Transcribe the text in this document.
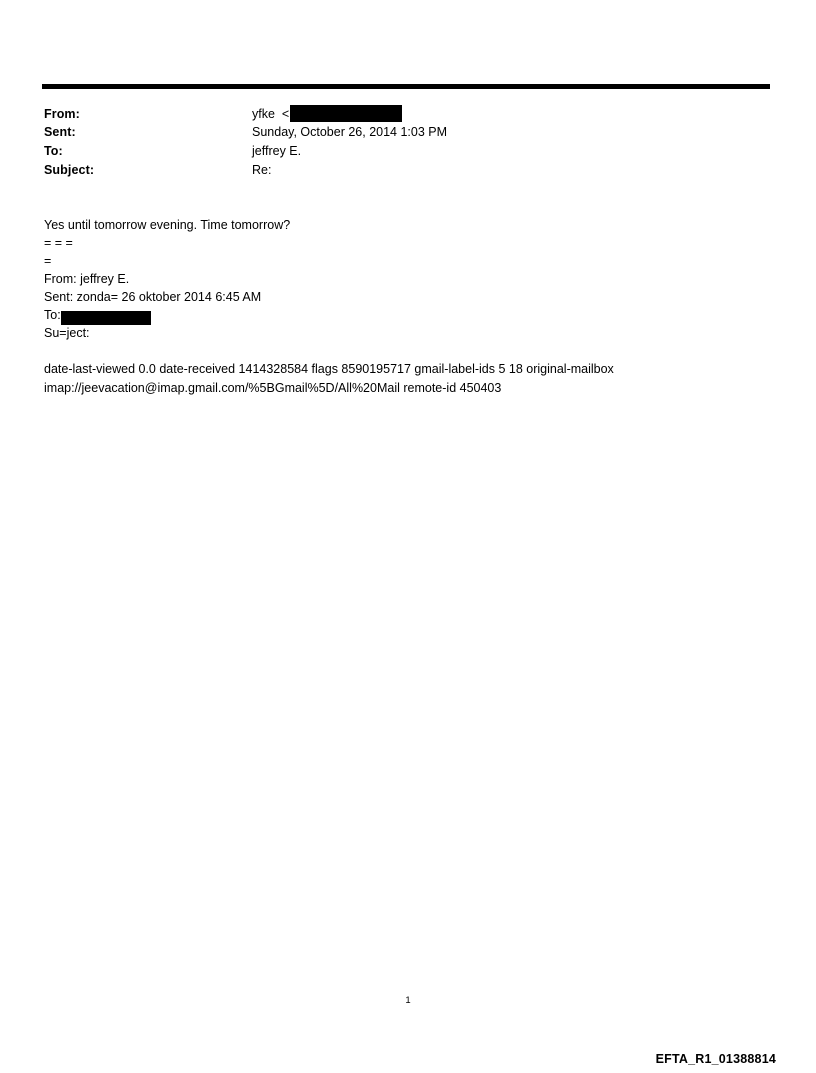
From:	yfke  <
Sent:	Sunday, October 26, 2014 1:03 PM
To:	jeffrey E.
Subject:	Re:
Yes until tomorrow evening. Time tomorrow?
= = =
=
From: jeffrey E.
Sent: zonda= 26 oktober 2014 6:45 AM
To:
Su=ject:
date-last-viewed 0.0 date-received 1414328584 flags 8590195717 gmail-label-ids 5 18 original-mailbox
imap://jeevacation@imap.gmail.com/%5BGmail%5D/All%20Mail remote-id 450403
1
EFTA_R1_01388814
